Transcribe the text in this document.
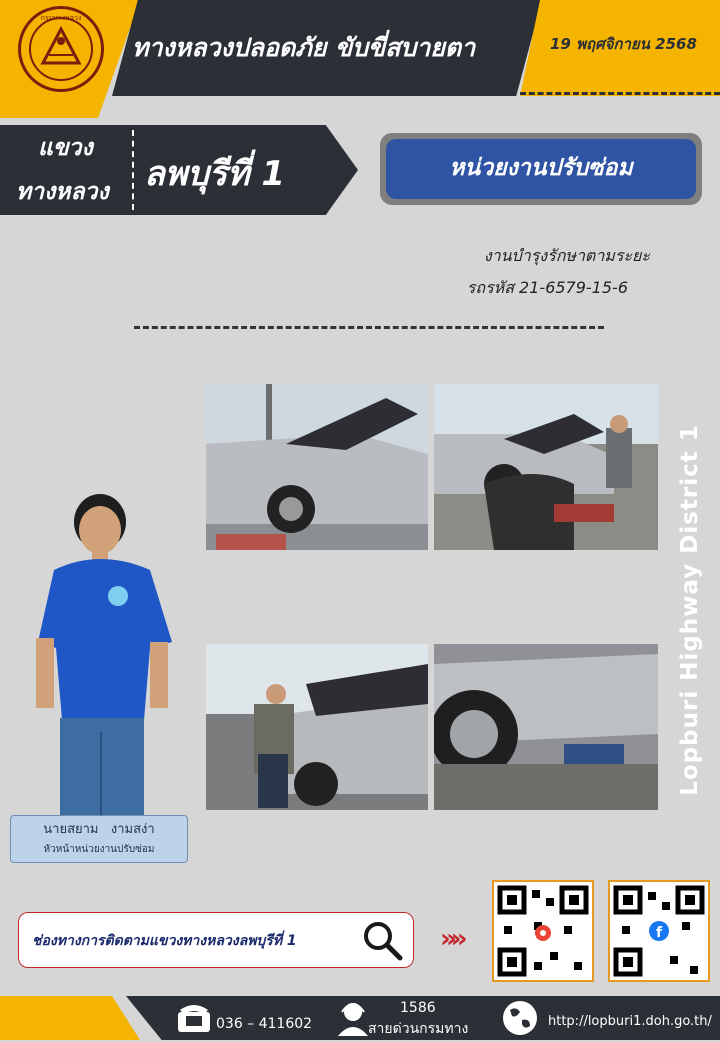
กรมทางหลวง
ทางหลวงปลอดภัย ขับขี่สบายตา	19 พฤศจิกายน 2568
แขวง
ทางหลวง ลพบุรีที่ 1	หน่วยงานปรับซ่อม
งานบำรุงรักษาตามระยะ
รถรหัส 21-6579-15-6
Lopburi Highway District 1
นายสยาม   งามสง่า
หัวหน้าหน่วยงานปรับซ่อม
ช่องทางการติดตามแขวงทางหลวงลพบุรีที่ 1	»»	f
036 – 411602
1586
สายด่วนกรมทาง	http://lopburi1.doh.go.th/
